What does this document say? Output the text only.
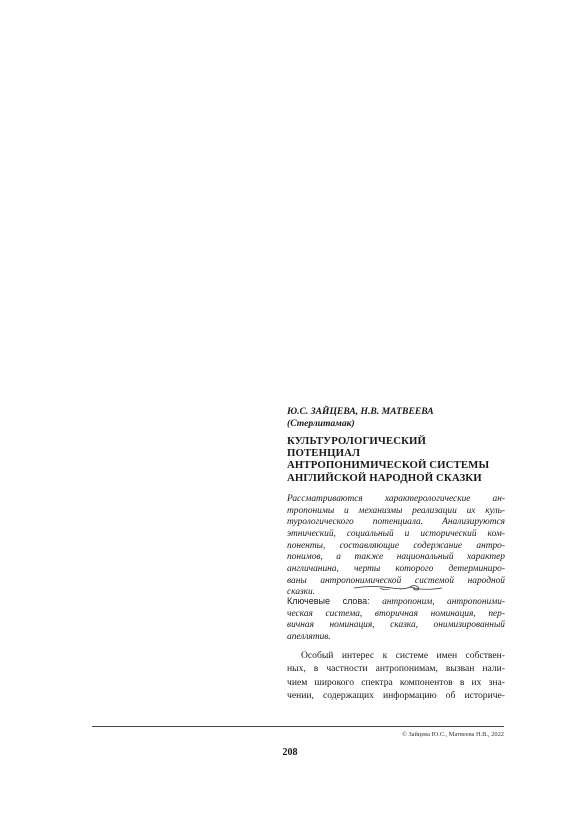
Ю.С. ЗАЙЦЕВА, Н.В. МАТВЕЕВА
(Стерлитамак)
КУЛЬТУРОЛОГИЧЕСКИЙ
ПОТЕНЦИАЛ
АНТРОПОНИМИЧЕСКОЙ СИСТЕМЫ
АНГЛИЙСКОЙ НАРОДНОЙ СКАЗКИ
Рассматриваются характерологические ан-
тропонимы и механизмы реализации их куль-
турологического потенциала. Анализируются
этнический, социальный и исторический ком-
поненты, составляющие содержание антро-
понимов, а также национальный характер
англичанина, черты которого детерминиро-
ваны антропонимической системой народной
сказки.
Ключевые слова: антропоним, антропоними-
ческая система, вторичная номинация, пер-
вичная номинация, сказка, онимизированный
апеллятив.
Особый интерес к системе имен собствен-
ных, в частности антропонимам, вызван нали-
чием широкого спектра компонентов в их зна-
чении, содержащих информацию об историче-
© Зайцева Ю.С., Матвеева Н.В., 2022
208
